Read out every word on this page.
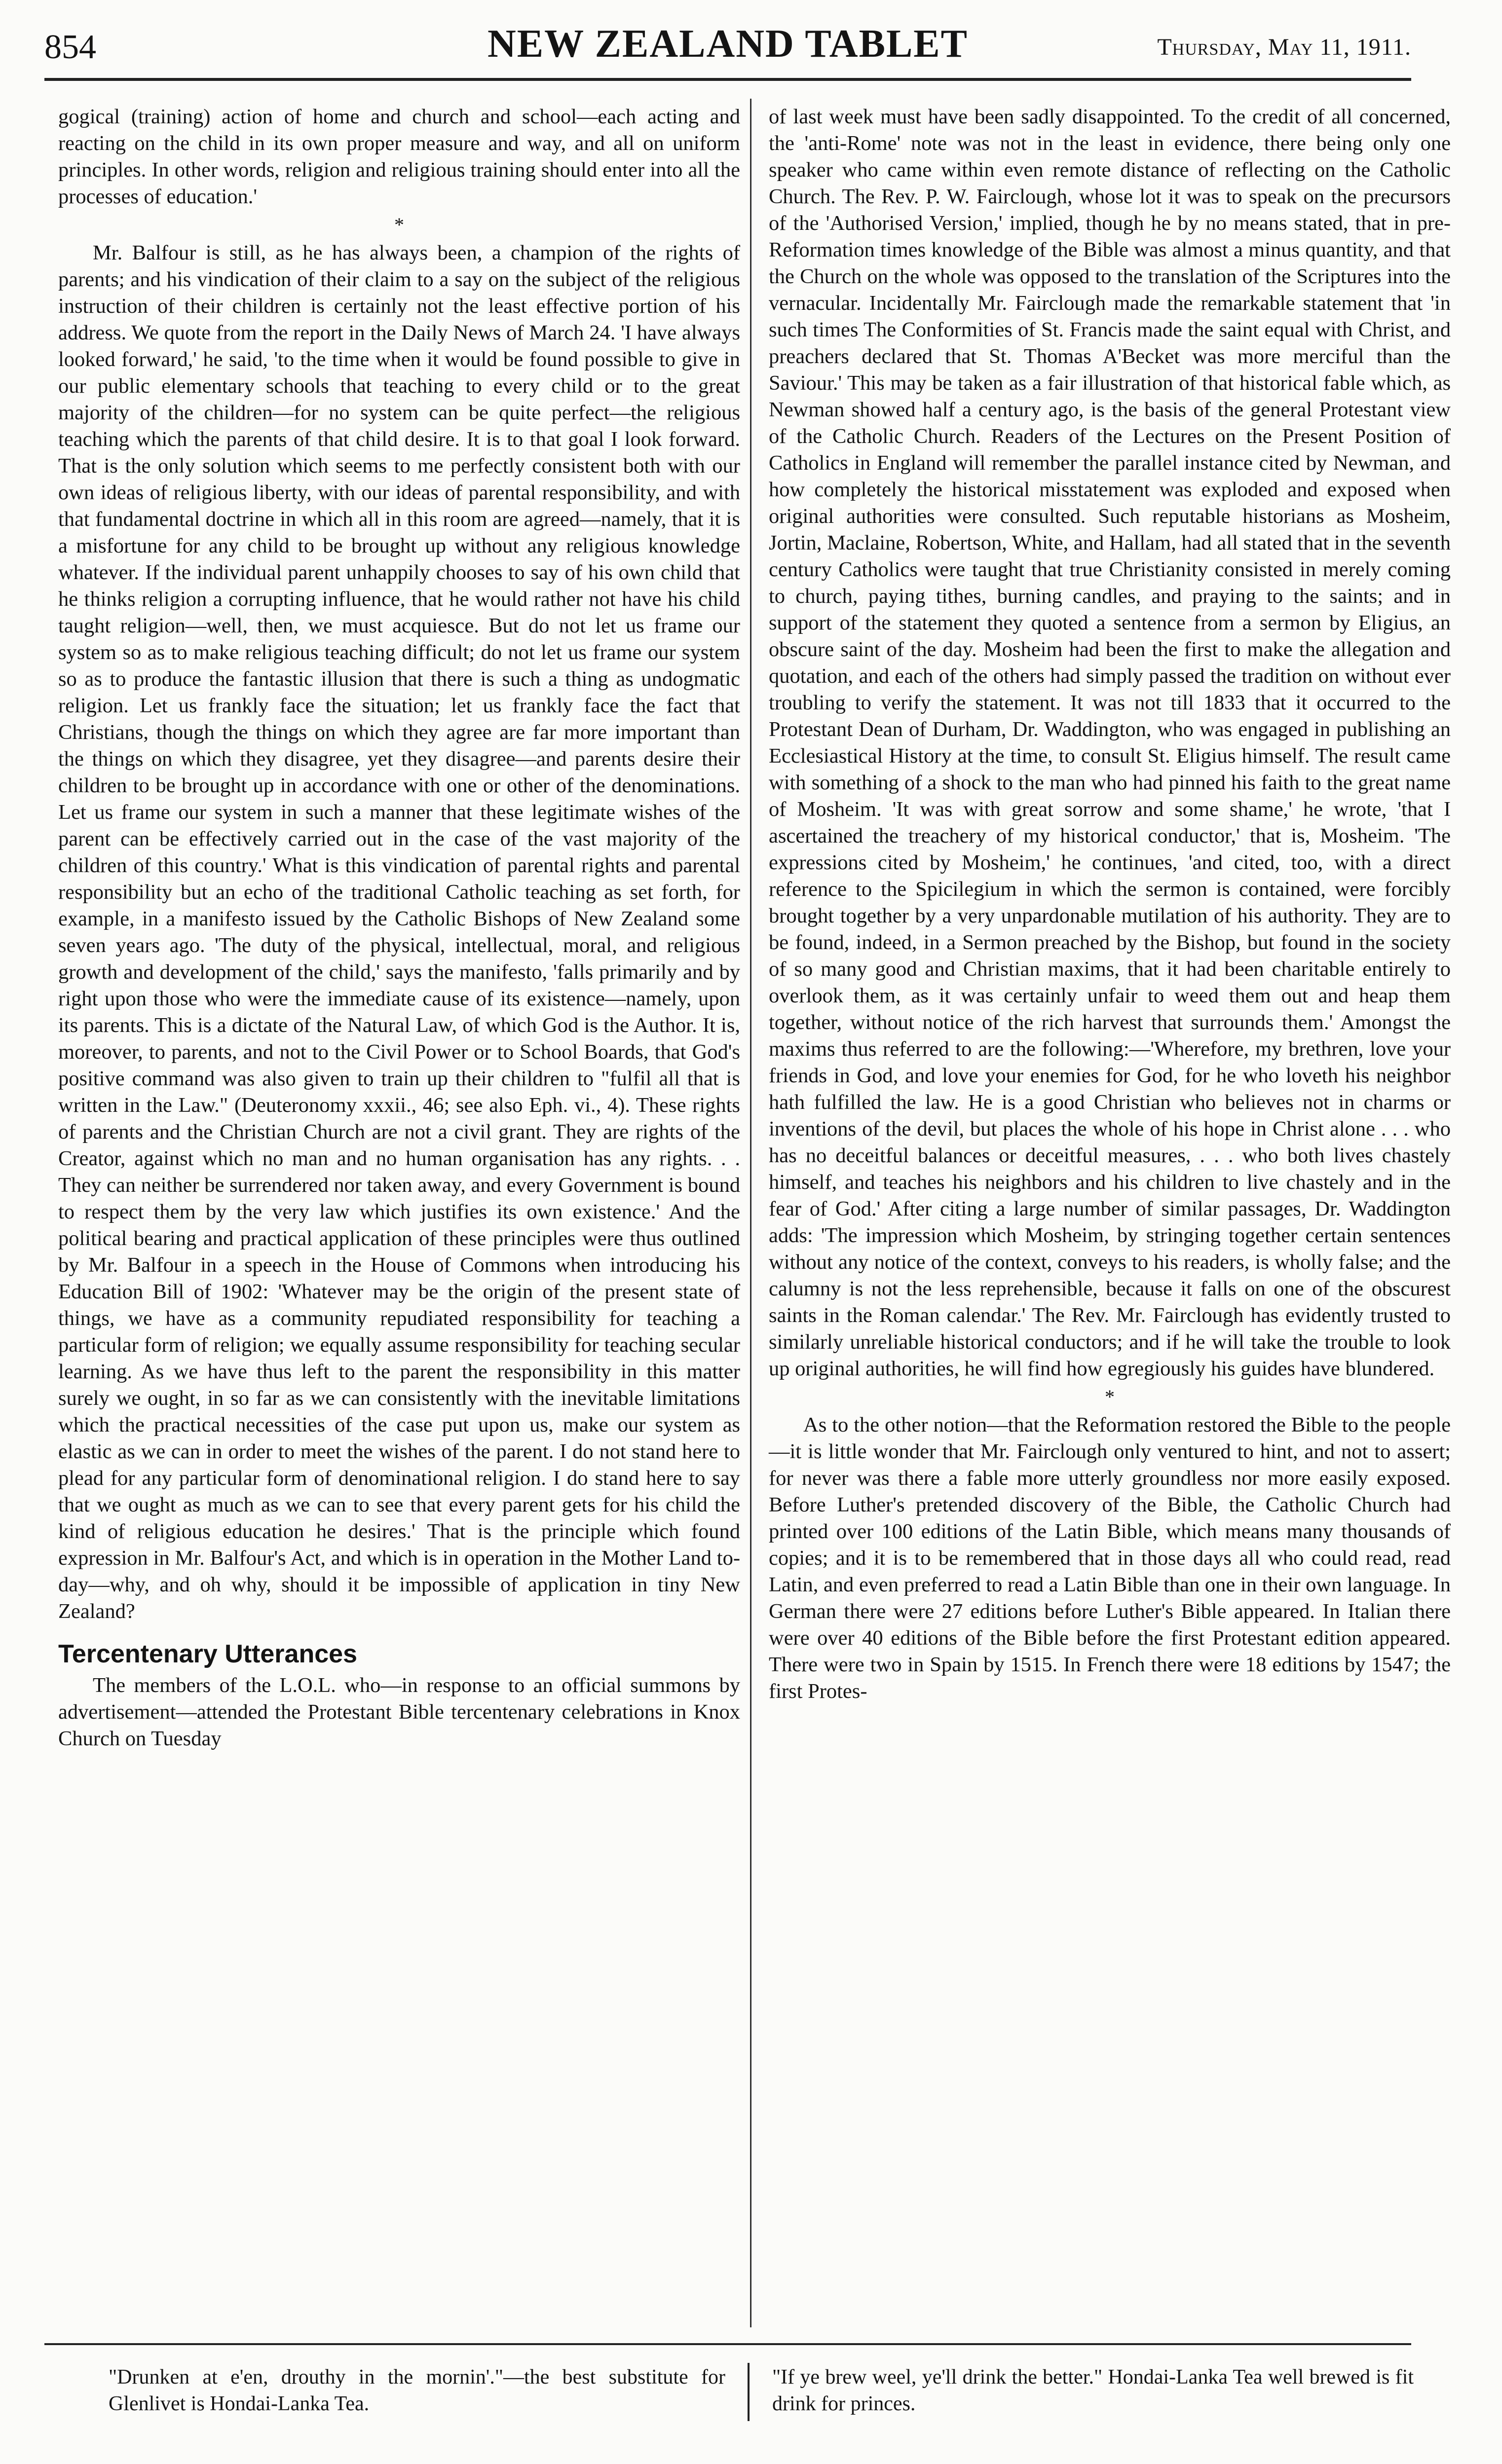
854	NEW ZEALAND TABLET	Thursday, May 11, 1911.

gogical (training) action of home and church and school—each acting and reacting on the child in its own proper measure and way, and all on uniform principles. In other words, religion and religious training should enter into all the processes of education.'

*

Mr. Balfour is still, as he has always been, a champion of the rights of parents; and his vindication of their claim to a say on the subject of the religious instruction of their children is certainly not the least effective portion of his address. We quote from the report in the Daily News of March 24. 'I have always looked forward,' he said, 'to the time when it would be found possible to give in our public elementary schools that teaching to every child or to the great majority of the children—for no system can be quite perfect—the religious teaching which the parents of that child desire. It is to that goal I look forward. That is the only solution which seems to me perfectly consistent both with our own ideas of religious liberty, with our ideas of parental responsibility, and with that fundamental doctrine in which all in this room are agreed—namely, that it is a misfortune for any child to be brought up without any religious knowledge whatever. If the individual parent unhappily chooses to say of his own child that he thinks religion a corrupting influence, that he would rather not have his child taught religion—well, then, we must acquiesce. But do not let us frame our system so as to make religious teaching difficult; do not let us frame our system so as to produce the fantastic illusion that there is such a thing as undogmatic religion. Let us frankly face the situation; let us frankly face the fact that Christians, though the things on which they agree are far more important than the things on which they disagree, yet they disagree—and parents desire their children to be brought up in accordance with one or other of the denominations. Let us frame our system in such a manner that these legitimate wishes of the parent can be effectively carried out in the case of the vast majority of the children of this country.' What is this vindication of parental rights and parental responsibility but an echo of the traditional Catholic teaching as set forth, for example, in a manifesto issued by the Catholic Bishops of New Zealand some seven years ago. 'The duty of the physical, intellectual, moral, and religious growth and development of the child,' says the manifesto, 'falls primarily and by right upon those who were the immediate cause of its existence—namely, upon its parents. This is a dictate of the Natural Law, of which God is the Author. It is, moreover, to parents, and not to the Civil Power or to School Boards, that God's positive command was also given to train up their children to "fulfil all that is written in the Law." (Deuteronomy xxxii., 46; see also Eph. vi., 4). These rights of parents and the Christian Church are not a civil grant. They are rights of the Creator, against which no man and no human organisation has any rights. . . They can neither be surrendered nor taken away, and every Government is bound to respect them by the very law which justifies its own existence.' And the political bearing and practical application of these principles were thus outlined by Mr. Balfour in a speech in the House of Commons when introducing his Education Bill of 1902: 'Whatever may be the origin of the present state of things, we have as a community repudiated responsibility for teaching a particular form of religion; we equally assume responsibility for teaching secular learning. As we have thus left to the parent the responsibility in this matter surely we ought, in so far as we can consistently with the inevitable limitations which the practical necessities of the case put upon us, make our system as elastic as we can in order to meet the wishes of the parent. I do not stand here to plead for any particular form of denominational religion. I do stand here to say that we ought as much as we can to see that every parent gets for his child the kind of religious education he desires.' That is the principle which found expression in Mr. Balfour's Act, and which is in operation in the Mother Land to-day—why, and oh why, should it be impossible of application in tiny New Zealand?

Tercentenary Utterances

The members of the L.O.L. who—in response to an official summons by advertisement—attended the Protestant Bible tercentenary celebrations in Knox Church on Tuesday

of last week must have been sadly disappointed. To the credit of all concerned, the 'anti-Rome' note was not in the least in evidence, there being only one speaker who came within even remote distance of reflecting on the Catholic Church. The Rev. P. W. Fairclough, whose lot it was to speak on the precursors of the 'Authorised Version,' implied, though he by no means stated, that in pre-Reformation times knowledge of the Bible was almost a minus quantity, and that the Church on the whole was opposed to the translation of the Scriptures into the vernacular. Incidentally Mr. Fairclough made the remarkable statement that 'in such times The Conformities of St. Francis made the saint equal with Christ, and preachers declared that St. Thomas A'Becket was more merciful than the Saviour.' This may be taken as a fair illustration of that historical fable which, as Newman showed half a century ago, is the basis of the general Protestant view of the Catholic Church. Readers of the Lectures on the Present Position of Catholics in England will remember the parallel instance cited by Newman, and how completely the historical misstatement was exploded and exposed when original authorities were consulted. Such reputable historians as Mosheim, Jortin, Maclaine, Robertson, White, and Hallam, had all stated that in the seventh century Catholics were taught that true Christianity consisted in merely coming to church, paying tithes, burning candles, and praying to the saints; and in support of the statement they quoted a sentence from a sermon by Eligius, an obscure saint of the day. Mosheim had been the first to make the allegation and quotation, and each of the others had simply passed the tradition on without ever troubling to verify the statement. It was not till 1833 that it occurred to the Protestant Dean of Durham, Dr. Waddington, who was engaged in publishing an Ecclesiastical History at the time, to consult St. Eligius himself. The result came with something of a shock to the man who had pinned his faith to the great name of Mosheim. 'It was with great sorrow and some shame,' he wrote, 'that I ascertained the treachery of my historical conductor,' that is, Mosheim. 'The expressions cited by Mosheim,' he continues, 'and cited, too, with a direct reference to the Spicilegium in which the sermon is contained, were forcibly brought together by a very unpardonable mutilation of his authority. They are to be found, indeed, in a Sermon preached by the Bishop, but found in the society of so many good and Christian maxims, that it had been charitable entirely to overlook them, as it was certainly unfair to weed them out and heap them together, without notice of the rich harvest that surrounds them.' Amongst the maxims thus referred to are the following:—'Wherefore, my brethren, love your friends in God, and love your enemies for God, for he who loveth his neighbor hath fulfilled the law. He is a good Christian who believes not in charms or inventions of the devil, but places the whole of his hope in Christ alone . . . who has no deceitful balances or deceitful measures, . . . who both lives chastely himself, and teaches his neighbors and his children to live chastely and in the fear of God.' After citing a large number of similar passages, Dr. Waddington adds: 'The impression which Mosheim, by stringing together certain sentences without any notice of the context, conveys to his readers, is wholly false; and the calumny is not the less reprehensible, because it falls on one of the obscurest saints in the Roman calendar.' The Rev. Mr. Fairclough has evidently trusted to similarly unreliable historical conductors; and if he will take the trouble to look up original authorities, he will find how egregiously his guides have blundered.

*

As to the other notion—that the Reformation restored the Bible to the people—it is little wonder that Mr. Fairclough only ventured to hint, and not to assert; for never was there a fable more utterly groundless nor more easily exposed. Before Luther's pretended discovery of the Bible, the Catholic Church had printed over 100 editions of the Latin Bible, which means many thousands of copies; and it is to be remembered that in those days all who could read, read Latin, and even preferred to read a Latin Bible than one in their own language. In German there were 27 editions before Luther's Bible appeared. In Italian there were over 40 editions of the Bible before the first Protestant edition appeared. There were two in Spain by 1515. In French there were 18 editions by 1547; the first Protes-

"Drunken at e'en, drouthy in the mornin'."—the best substitute for Glenlivet is Hondai-Lanka Tea.
"If ye brew weel, ye'll drink the better." Hondai-Lanka Tea well brewed is fit drink for princes.
